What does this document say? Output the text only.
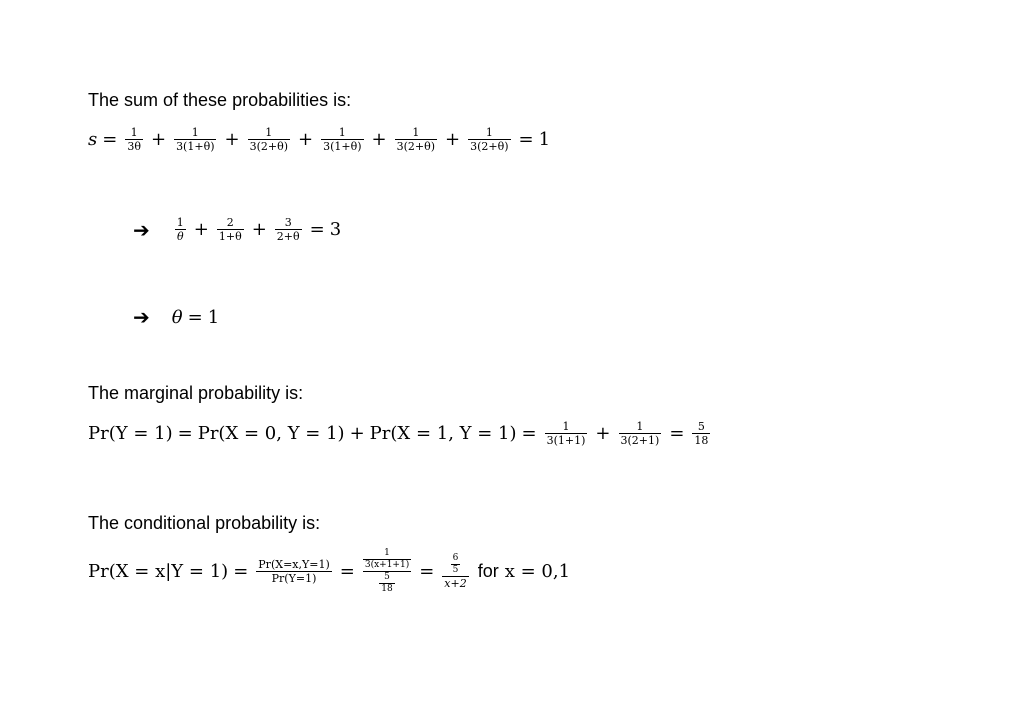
The sum of these probabilities is:
$s = \frac{1}{3\theta} + \frac{1}{3(1+\theta)} + \frac{1}{3(2+\theta)} + \frac{1}{3(1+\theta)} + \frac{1}{3(2+\theta)} + \frac{1}{3(2+\theta)} = 1$
➔ $\frac{1}{\theta} + \frac{2}{1+\theta} + \frac{3}{2+\theta} = 3$
➔ θ = 1
The marginal probability is:
Pr(Y = 1) = Pr(X = 0, Y = 1) + Pr(X = 1, $Y = 1) = \frac{1}{3(1+1)} + \frac{1}{3(2+1)} = \frac{5}{18}$
The conditional probability is:
$Pr(X = x|Y = 1) = \frac{Pr(X=x,Y=1)}{Pr(Y=1)} = \frac{\frac{1}{3(x+1+1)}}{\frac{5}{18}} = \frac{\frac{6}{5}}{x+2}$ for x = 0,1
